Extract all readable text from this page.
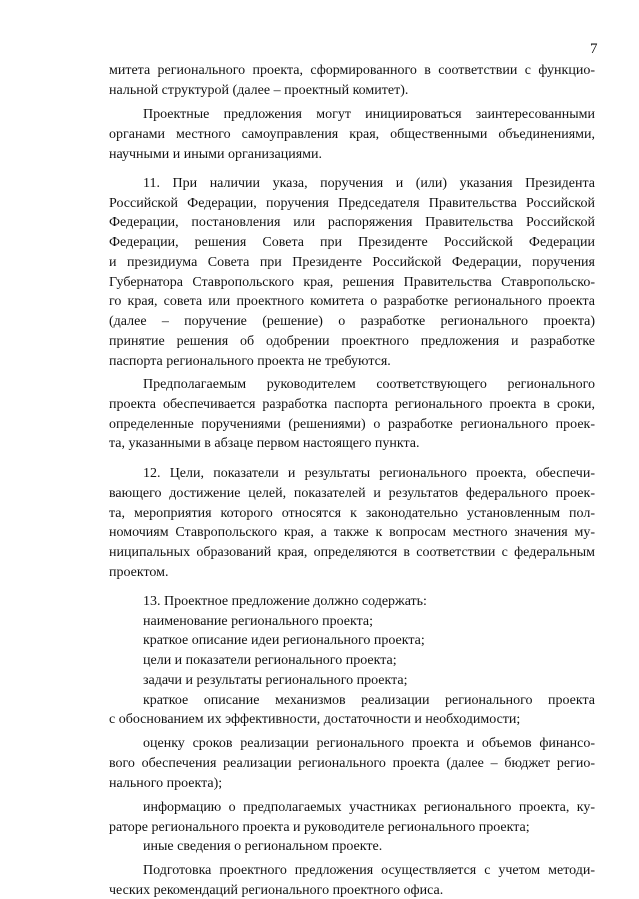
7
митета регионального проекта, сформированного в соответствии с функцио-
нальной структурой (далее – проектный комитет).
Проектные предложения могут инициироваться заинтересованными
органами местного самоуправления края, общественными объединениями,
научными и иными организациями.
11. При наличии указа, поручения и (или) указания Президента
Российской Федерации, поручения Председателя Правительства Российской
Федерации, постановления или распоряжения Правительства Российской
Федерации, решения Совета при Президенте Российской Федерации
и президиума Совета при Президенте Российской Федерации, поручения
Губернатора Ставропольского края, решения Правительства Ставропольско-
го края, совета или проектного комитета о разработке регионального проекта
(далее – поручение (решение) о разработке регионального проекта)
принятие решения об одобрении проектного предложения и разработке
паспорта регионального проекта не требуются.
Предполагаемым руководителем соответствующего регионального
проекта обеспечивается разработка паспорта регионального проекта в сроки,
определенные поручениями (решениями) о разработке регионального проек-
та, указанными в абзаце первом настоящего пункта.
12. Цели, показатели и результаты регионального проекта, обеспечи-
вающего достижение целей, показателей и результатов федерального проек-
та, мероприятия которого относятся к законодательно установленным пол-
номочиям Ставропольского края, а также к вопросам местного значения му-
ниципальных образований края, определяются в соответствии с федеральным
проектом.
13. Проектное предложение должно содержать:
наименование регионального проекта;
краткое описание идеи регионального проекта;
цели и показатели регионального проекта;
задачи и результаты регионального проекта;
краткое описание механизмов реализации регионального проекта
с обоснованием их эффективности, достаточности и необходимости;
оценку сроков реализации регионального проекта и объемов финансо-
вого обеспечения реализации регионального проекта (далее – бюджет регио-
нального проекта);
информацию о предполагаемых участниках регионального проекта, ку-
раторе регионального проекта и руководителе регионального проекта;
иные сведения о региональном проекте.
Подготовка проектного предложения осуществляется с учетом методи-
ческих рекомендаций регионального проектного офиса.
